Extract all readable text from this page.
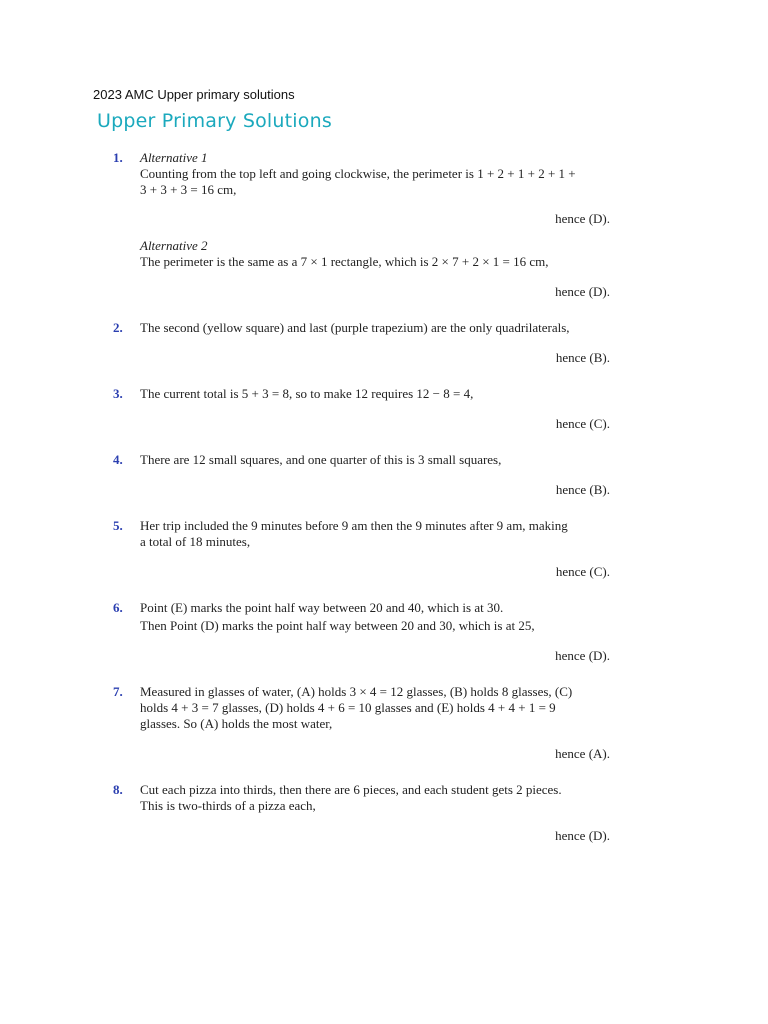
2023 AMC Upper primary solutions
Upper Primary Solutions
1. Alternative 1
Counting from the top left and going clockwise, the perimeter is 1 + 2 + 1 + 2 + 1 +
3 + 3 + 3 = 16 cm,
hence (D).
Alternative 2
The perimeter is the same as a 7 × 1 rectangle, which is 2 × 7 + 2 × 1 = 16 cm,
hence (D).
2. The second (yellow square) and last (purple trapezium) are the only quadrilaterals,
hence (B).
3. The current total is 5 + 3 = 8, so to make 12 requires 12 − 8 = 4,
hence (C).
4. There are 12 small squares, and one quarter of this is 3 small squares,
hence (B).
5. Her trip included the 9 minutes before 9 am then the 9 minutes after 9 am, making
a total of 18 minutes,
hence (C).
6. Point (E) marks the point half way between 20 and 40, which is at 30.
Then Point (D) marks the point half way between 20 and 30, which is at 25,
hence (D).
7. Measured in glasses of water, (A) holds 3 × 4 = 12 glasses, (B) holds 8 glasses, (C)
holds 4 + 3 = 7 glasses, (D) holds 4 + 6 = 10 glasses and (E) holds 4 + 4 + 1 = 9
glasses. So (A) holds the most water,
hence (A).
8. Cut each pizza into thirds, then there are 6 pieces, and each student gets 2 pieces.
This is two-thirds of a pizza each,
hence (D).
